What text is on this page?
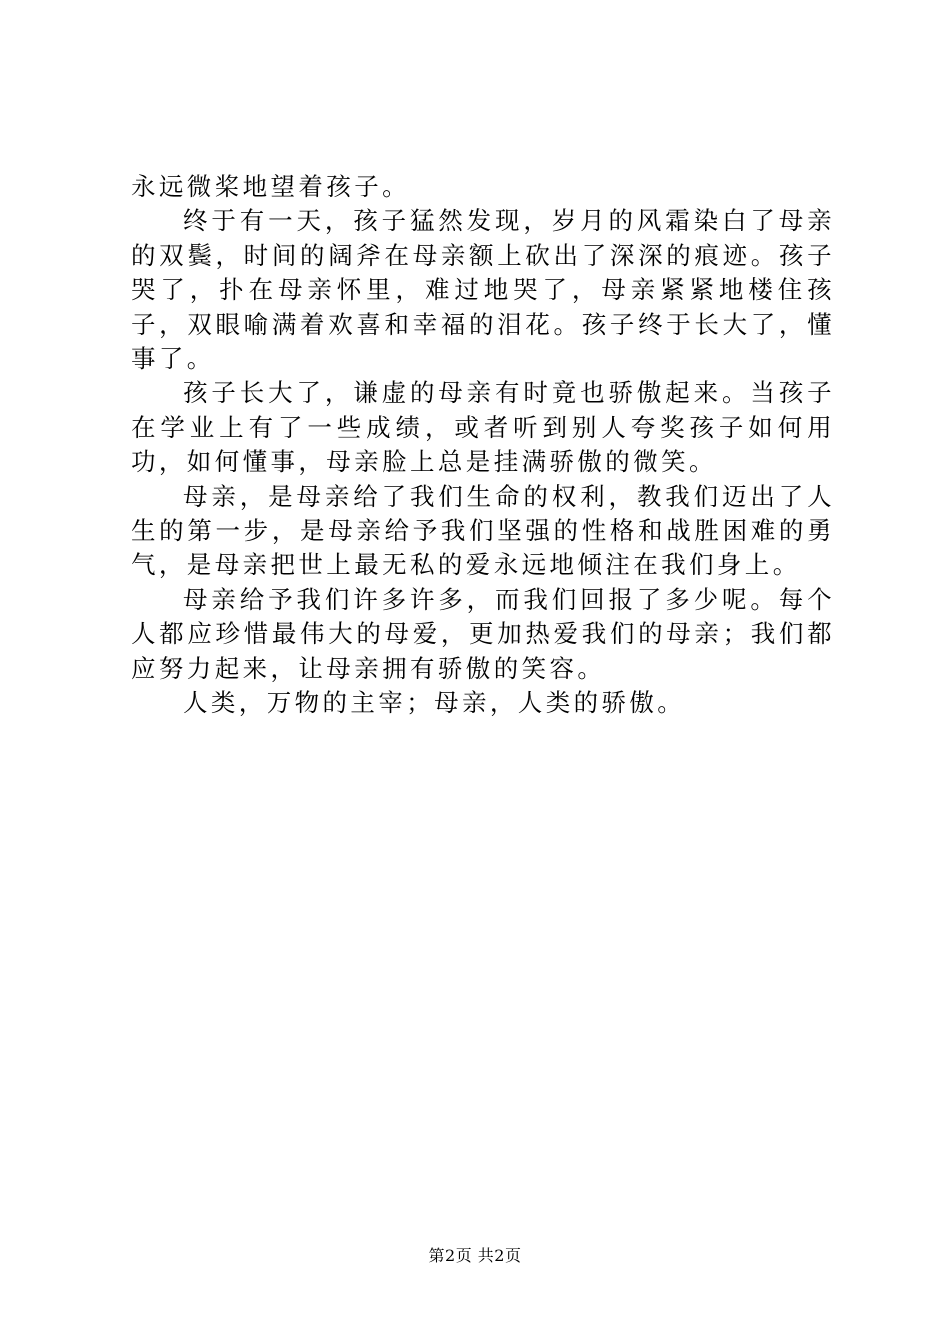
永远微桨地望着孩子。

终于有一天，孩子猛然发现，岁月的风霜染白了母亲的双鬓，时间的阔斧在母亲额上砍出了深深的痕迹。孩子哭了，扑在母亲怀里，难过地哭了，母亲紧紧地楼住孩子，双眼喻满着欢喜和幸福的泪花。孩子终于长大了，懂事了。

孩子长大了，谦虚的母亲有时竟也骄傲起来。当孩子在学业上有了一些成绩，或者听到别人夸奖孩子如何用功，如何懂事，母亲脸上总是挂满骄傲的微笑。

母亲，是母亲给了我们生命的权利，教我们迈出了人生的第一步，是母亲给予我们坚强的性格和战胜困难的勇气，是母亲把世上最无私的爱永远地倾注在我们身上。

母亲给予我们许多许多，而我们回报了多少呢。每个人都应珍惜最伟大的母爱，更加热爱我们的母亲；我们都应努力起来，让母亲拥有骄傲的笑容。

人类，万物的主宰；母亲，人类的骄傲。

第2页 共2页
